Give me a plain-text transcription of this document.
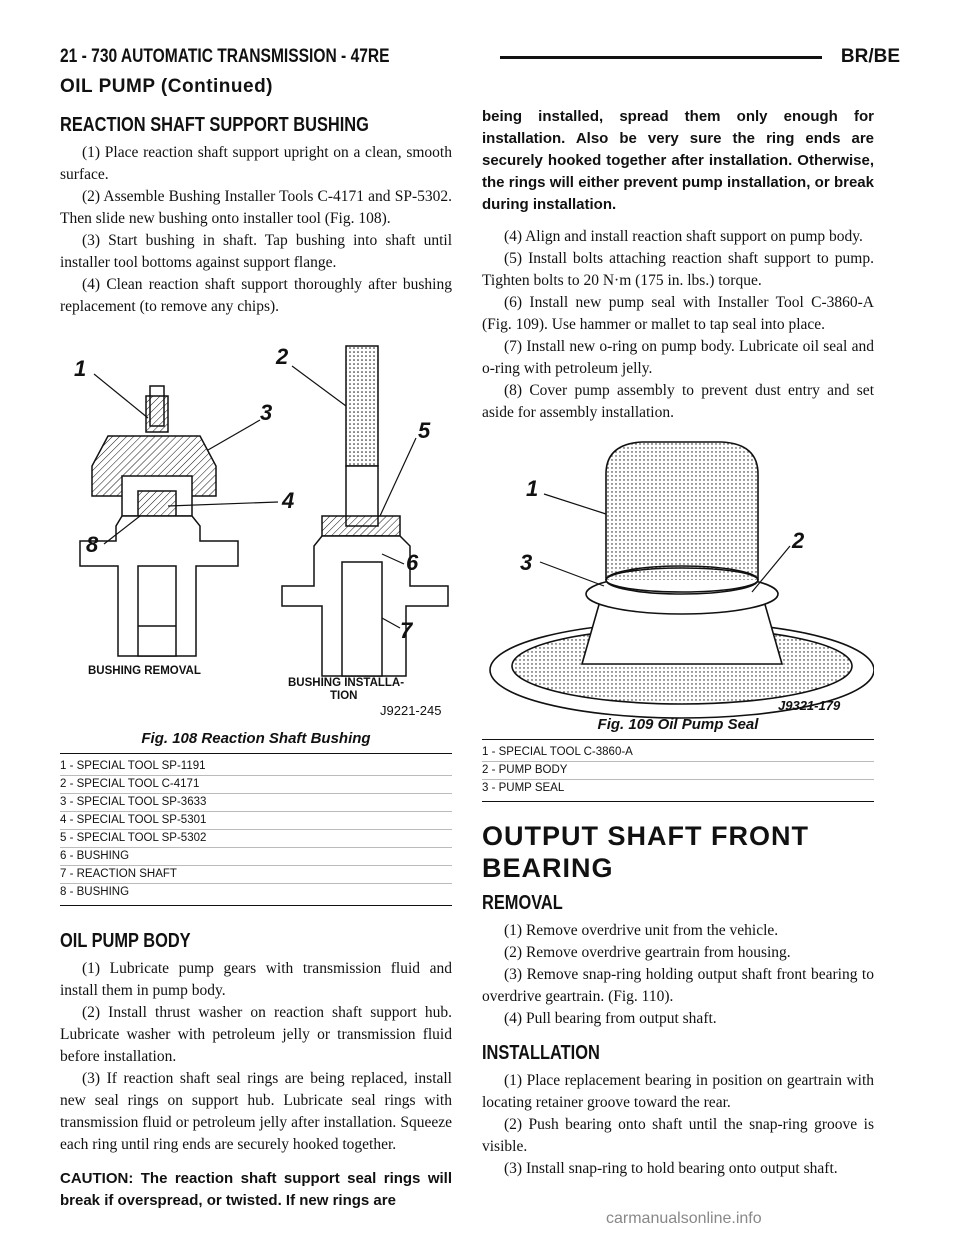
21 - 730 AUTOMATIC TRANSMISSION - 47RE	BR/BE
OIL PUMP (Continued)
REACTION SHAFT SUPPORT BUSHING

(1) Place reaction shaft support upright on a clean, smooth surface.

(2) Assemble Bushing Installer Tools C-4171 and SP-5302. Then slide new bushing onto installer tool (Fig. 108).

(3) Start bushing in shaft. Tap bushing into shaft until installer tool bottoms against support flange.

(4) Clean reaction shaft support thoroughly after bushing replacement (to remove any chips).

1	2
3
4
5
6
7
8
BUSHING REMOVAL
BUSHING INSTALLA- TION
J9221-245
Fig. 108 Reaction Shaft Bushing
1 - SPECIAL TOOL SP-1191
2 - SPECIAL TOOL C-4171
3 - SPECIAL TOOL SP-3633
4 - SPECIAL TOOL SP-5301
5 - SPECIAL TOOL SP-5302
6 - BUSHING
7 - REACTION SHAFT
8 - BUSHING
OIL PUMP BODY

(1) Lubricate pump gears with transmission fluid and install them in pump body.

(2) Install thrust washer on reaction shaft support hub. Lubricate washer with petroleum jelly or transmission fluid before installation.

(3) If reaction shaft seal rings are being replaced, install new seal rings on support hub. Lubricate seal rings with transmission fluid or petroleum jelly after installation. Squeeze each ring until ring ends are securely hooked together.

CAUTION: The reaction shaft support seal rings will break if overspread, or twisted. If new rings are

being installed, spread them only enough for installation. Also be very sure the ring ends are securely hooked together after installation. Otherwise, the rings will either prevent pump installation, or break during installation.

(4) Align and install reaction shaft support on pump body.

(5) Install bolts attaching reaction shaft support to pump. Tighten bolts to 20 N·m (175 in. lbs.) torque.

(6) Install new pump seal with Installer Tool C-3860-A (Fig. 109). Use hammer or mallet to tap seal into place.

(7) Install new o-ring on pump body. Lubricate oil seal and o-ring with petroleum jelly.

(8) Cover pump assembly to prevent dust entry and set aside for assembly installation.

1
2
3
J9321-179
Fig. 109 Oil Pump Seal
1 - SPECIAL TOOL C-3860-A
2 - PUMP BODY
3 - PUMP SEAL
OUTPUT SHAFT FRONT BEARING
REMOVAL

(1) Remove overdrive unit from the vehicle.

(2) Remove overdrive geartrain from housing.

(3) Remove snap-ring holding output shaft front bearing to overdrive geartrain. (Fig. 110).

(4) Pull bearing from output shaft.

INSTALLATION

(1) Place replacement bearing in position on geartrain with locating retainer groove toward the rear.

(2) Push bearing onto shaft until the snap-ring groove is visible.

(3) Install snap-ring to hold bearing onto output shaft.

carmanualsonline.info
